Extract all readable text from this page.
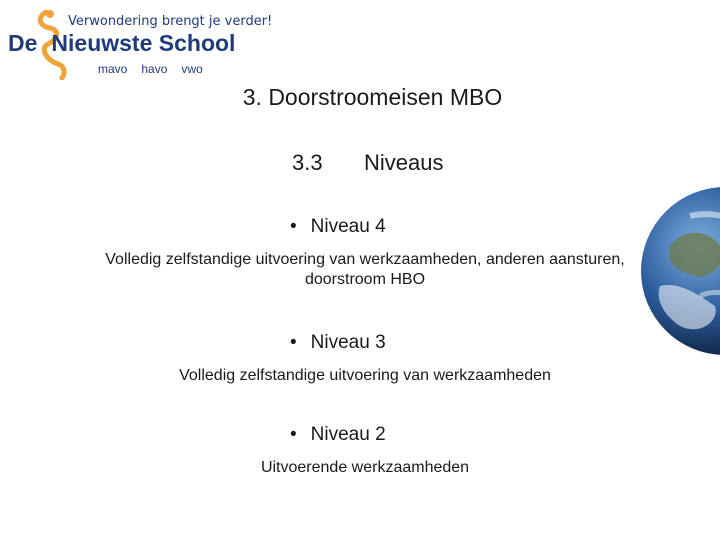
Verwondering brengt je verder!
De Nieuwste School
mavo havo vwo
3. Doorstroomeisen MBO
3.3 Niveaus
• Niveau 4
Volledig zelfstandige uitvoering van werkzaamheden, anderen aansturen, doorstroom HBO
• Niveau 3
Volledig zelfstandige uitvoering van werkzaamheden
• Niveau 2
Uitvoerende werkzaamheden
